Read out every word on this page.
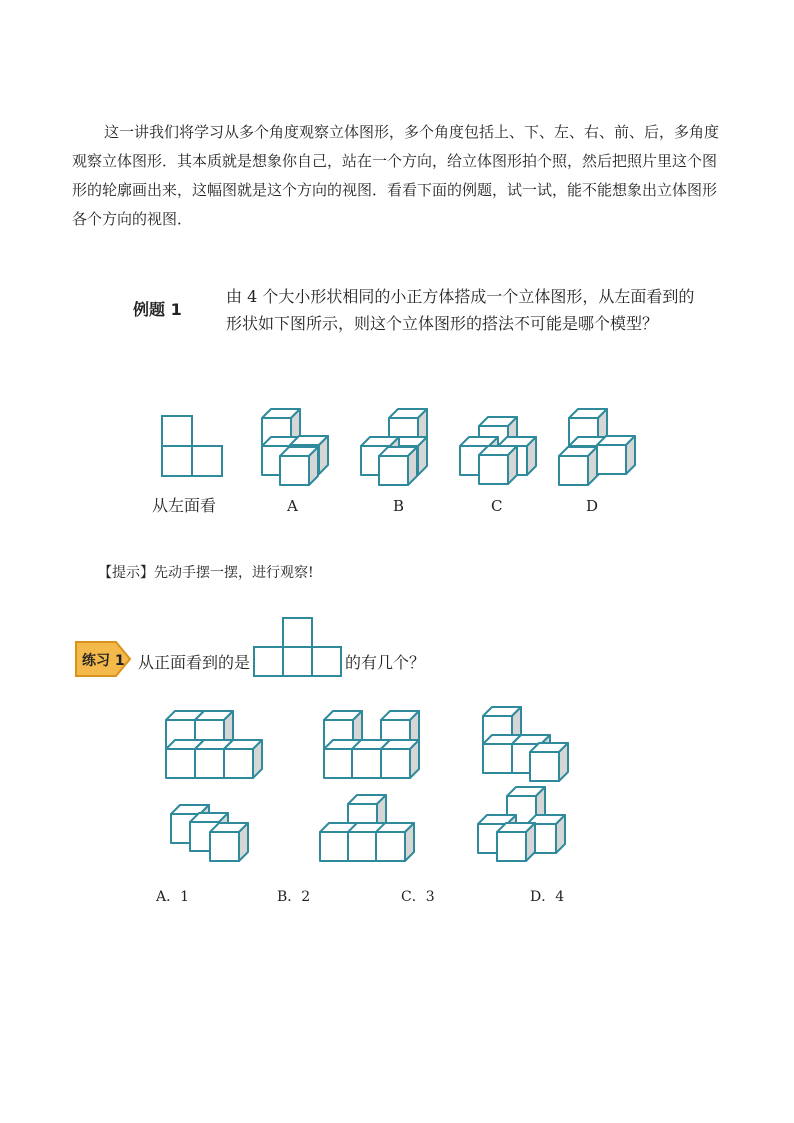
这一讲我们将学习从多个角度观察立体图形，多个角度包括上、下、左、右、前、后，多角度观察立体图形．其本质就是想象你自己，站在一个方向，给立体图形拍个照，然后把照片里这个图形的轮廓画出来，这幅图就是这个方向的视图．看看下面的例题，试一试，能不能想象出立体图形各个方向的视图．

例题 1

由 4 个大小形状相同的小正方体搭成一个立体图形，从左面看到的形状如下图所示，则这个立体图形的搭法不可能是哪个模型？

从左面看	A	B	C	D
【提示】先动手摆一摆，进行观察!
练习 1 从正面看到的是	的有几个？
A．1	B．2	C．3	D．4
